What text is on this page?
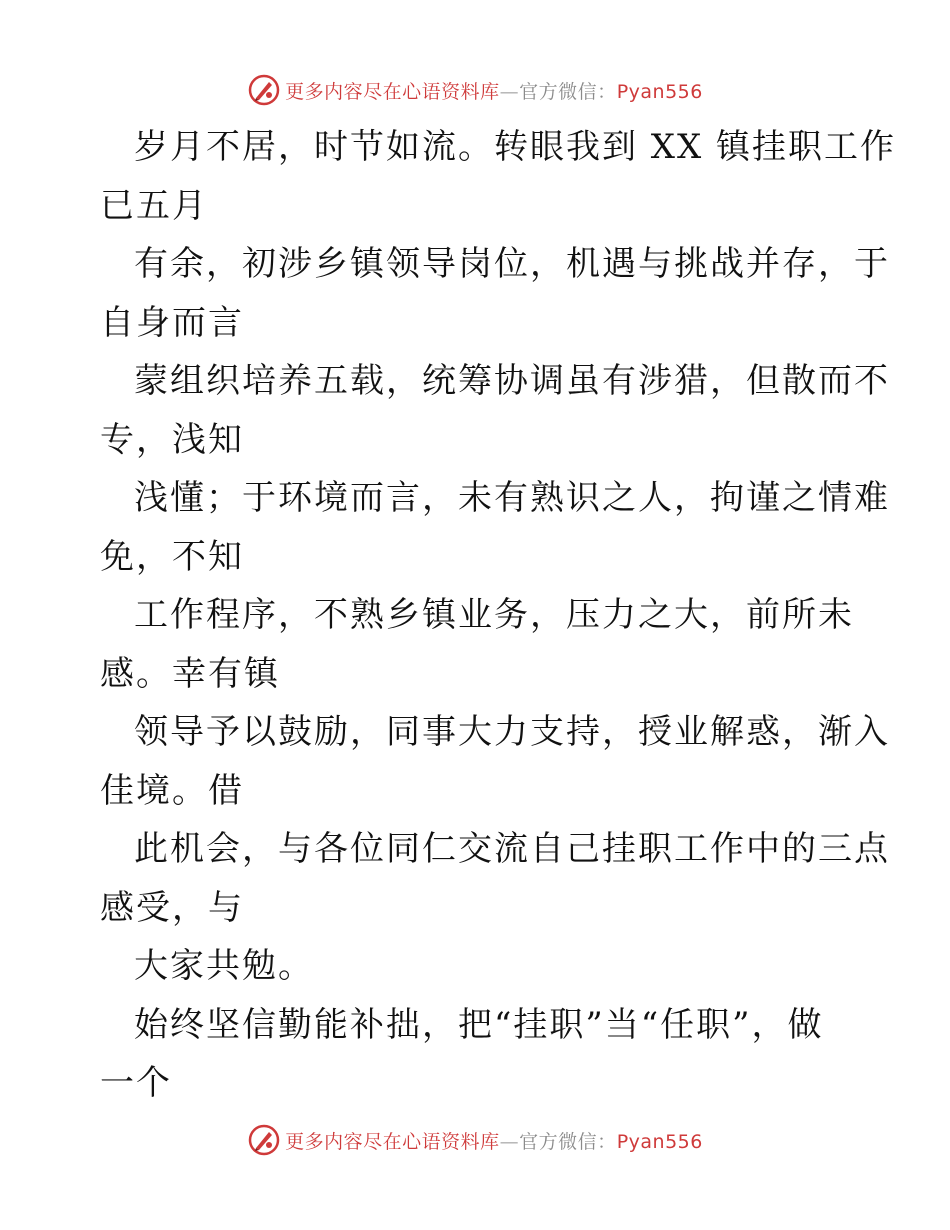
更多内容尽在心语资料库—官方微信：Pyan556
岁月不居，时节如流。转眼我到 XX 镇挂职工作
已五月
有余，初涉乡镇领导岗位，机遇与挑战并存，于
自身而言
蒙组织培养五载，统筹协调虽有涉猎，但散而不
专，浅知
浅懂；于环境而言，未有熟识之人，拘谨之情难
免，不知
工作程序，不熟乡镇业务，压力之大，前所未
感。幸有镇
领导予以鼓励，同事大力支持，授业解惑，渐入
佳境。借
此机会，与各位同仁交流自己挂职工作中的三点
感受，与
大家共勉。
始终坚信勤能补拙，把“挂职”当“任职”，做
一个
更多内容尽在心语资料库—官方微信：Pyan556
